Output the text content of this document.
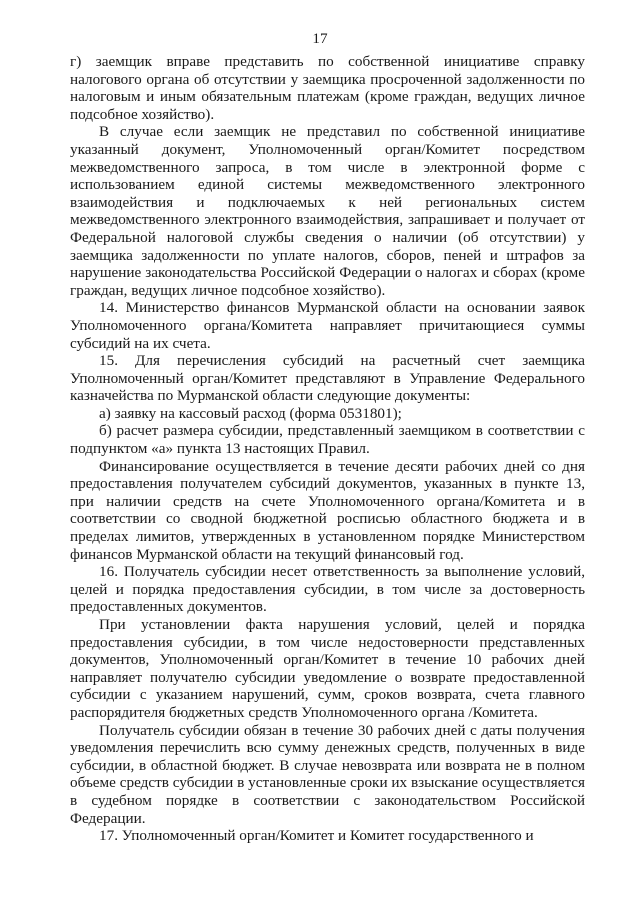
17

г) заемщик вправе представить по собственной инициативе справку налогового органа об отсутствии у заемщика просроченной задолженности по налоговым и иным обязательным платежам (кроме граждан, ведущих личное подсобное хозяйство).

В случае если заемщик не представил по собственной инициативе указанный документ, Уполномоченный орган/Комитет посредством межведомственного запроса, в том числе в электронной форме с использованием единой системы межведомственного электронного взаимодействия и подключаемых к ней региональных систем межведомственного электронного взаимодействия, запрашивает и получает от Федеральной налоговой службы сведения о наличии (об отсутствии) у заемщика задолженности по уплате налогов, сборов, пеней и штрафов за нарушение законодательства Российской Федерации о налогах и сборах (кроме граждан, ведущих личное подсобное хозяйство).

14. Министерство финансов Мурманской области на основании заявок Уполномоченного органа/Комитета направляет причитающиеся суммы субсидий на их счета.

15. Для перечисления субсидий на расчетный счет заемщика Уполномоченный орган/Комитет представляют в Управление Федерального казначейства по Мурманской области следующие документы:

а) заявку на кассовый расход (форма 0531801);

б) расчет размера субсидии, представленный заемщиком в соответствии с подпунктом «а» пункта 13 настоящих Правил.

Финансирование осуществляется в течение десяти рабочих дней со дня предоставления получателем субсидий документов, указанных в пункте 13, при наличии средств на счете Уполномоченного органа/Комитета и в соответствии со сводной бюджетной росписью областного бюджета и в пределах лимитов, утвержденных в установленном порядке Министерством финансов Мурманской области на текущий финансовый год.

16. Получатель субсидии несет ответственность за выполнение условий, целей и порядка предоставления субсидии, в том числе за достоверность предоставленных документов.

При установлении факта нарушения условий, целей и порядка предоставления субсидии, в том числе недостоверности представленных документов, Уполномоченный орган/Комитет в течение 10 рабочих дней направляет получателю субсидии уведомление о возврате предоставленной субсидии с указанием нарушений, сумм, сроков возврата, счета главного распорядителя бюджетных средств Уполномоченного органа /Комитета.

Получатель субсидии обязан в течение 30 рабочих дней с даты получения уведомления перечислить всю сумму денежных средств, полученных в виде субсидии, в областной бюджет. В случае невозврата или возврата не в полном объеме средств субсидии в установленные сроки их взыскание осуществляется в судебном порядке в соответствии с законодательством Российской Федерации.

17. Уполномоченный орган/Комитет и Комитет государственного и
